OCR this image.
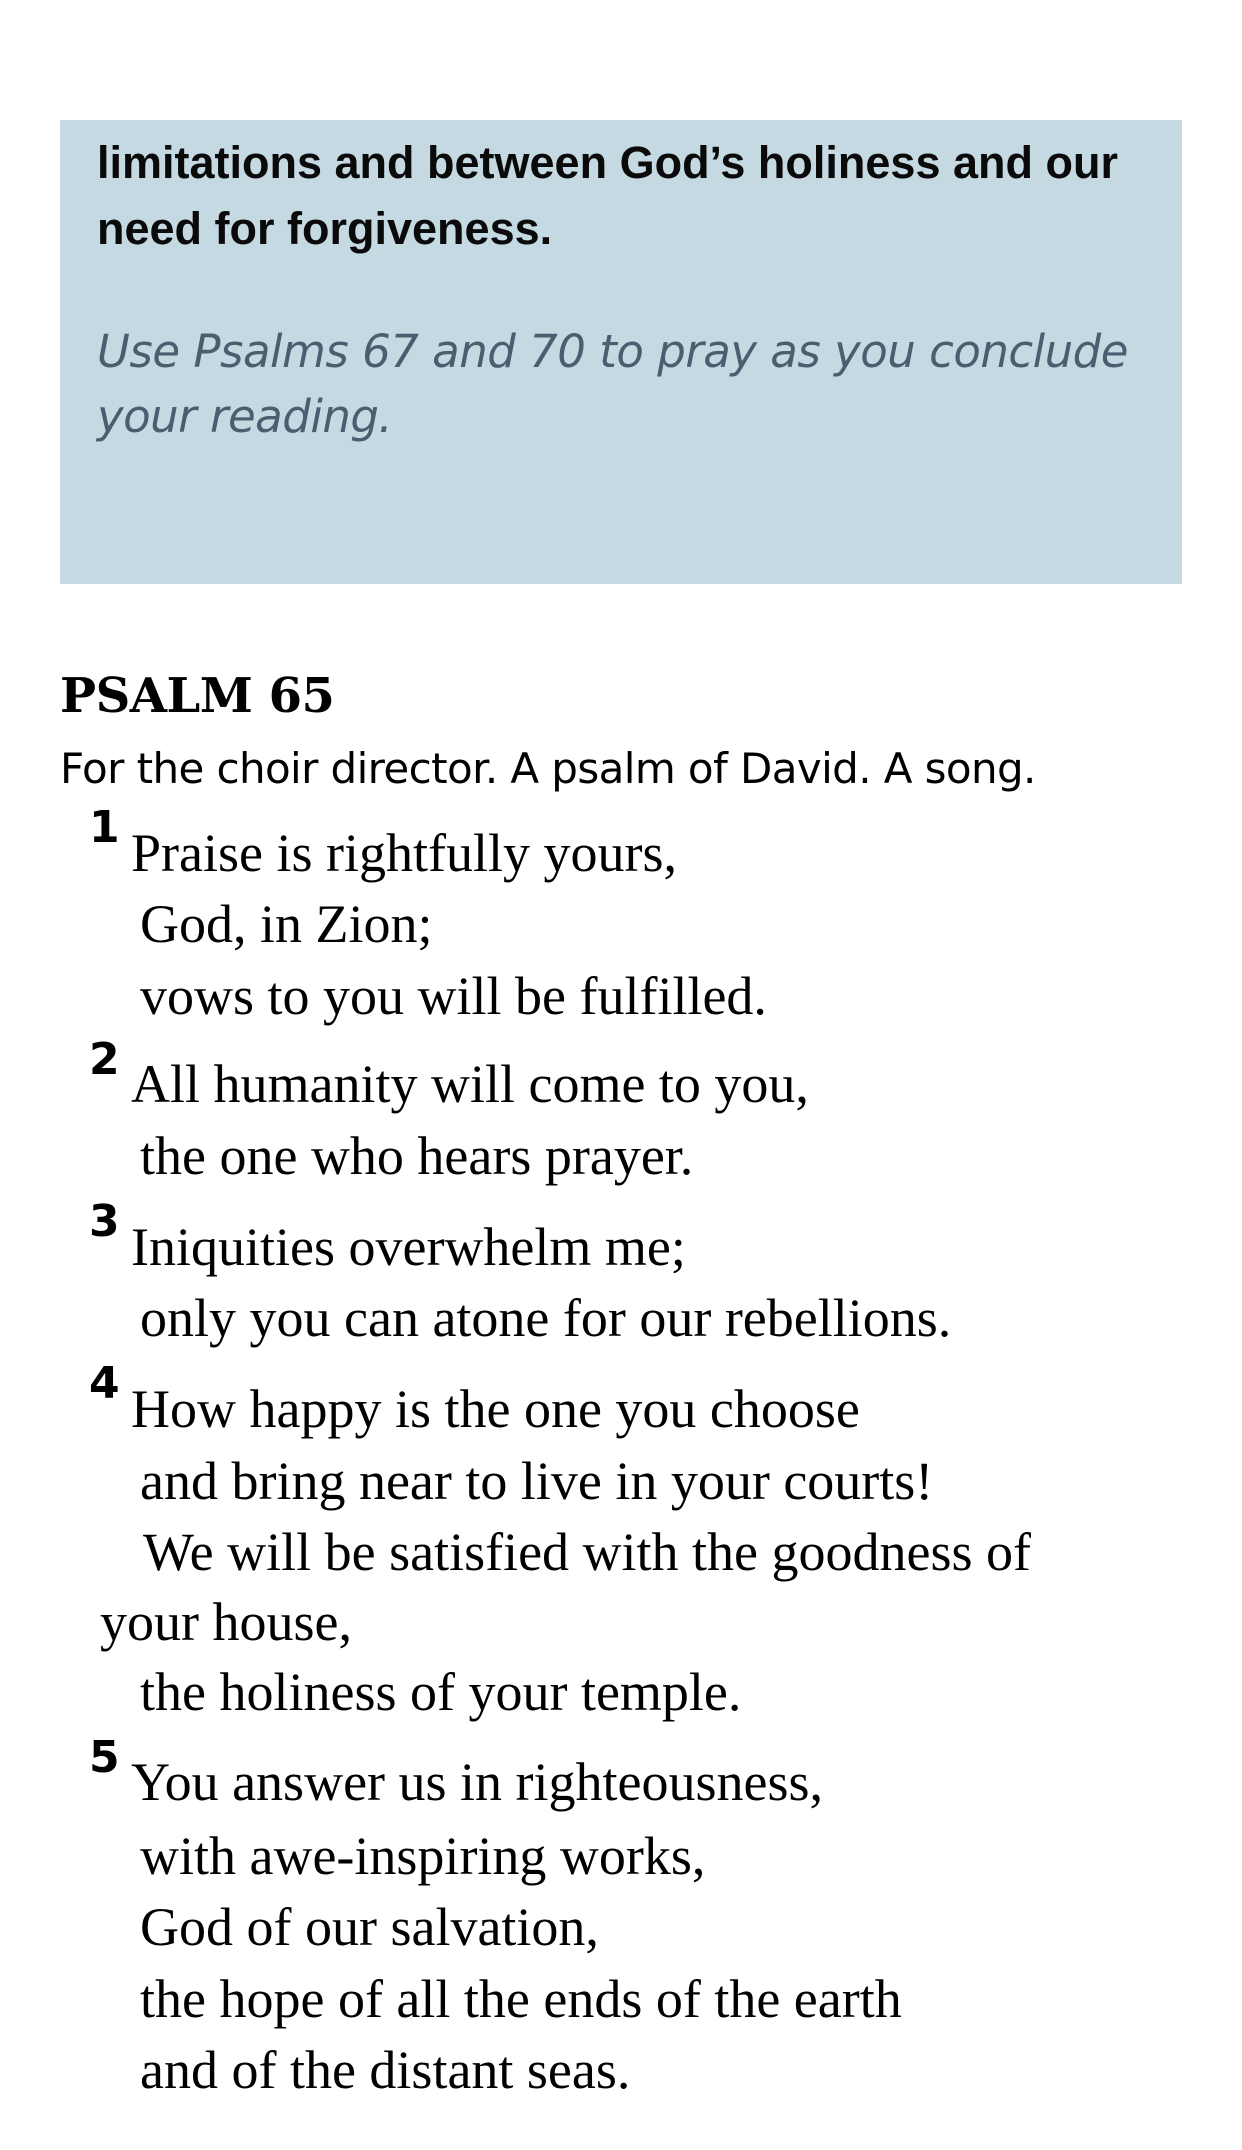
limitations and between God’s holiness and our
need for forgiveness.
Use Psalms 67 and 70 to pray as you conclude
your reading.
PSALM 65
For the choir director. A psalm of David. A song.
1 Praise is rightfully yours,
God, in Zion;
vows to you will be fulfilled.
2 All humanity will come to you,
the one who hears prayer.
3 Iniquities overwhelm me;
only you can atone for our rebellions.
4 How happy is the one you choose
and bring near to live in your courts!
We will be satisfied with the goodness of
your house,
the holiness of your temple.
5 You answer us in righteousness,
with awe-inspiring works,
God of our salvation,
the hope of all the ends of the earth
and of the distant seas.
